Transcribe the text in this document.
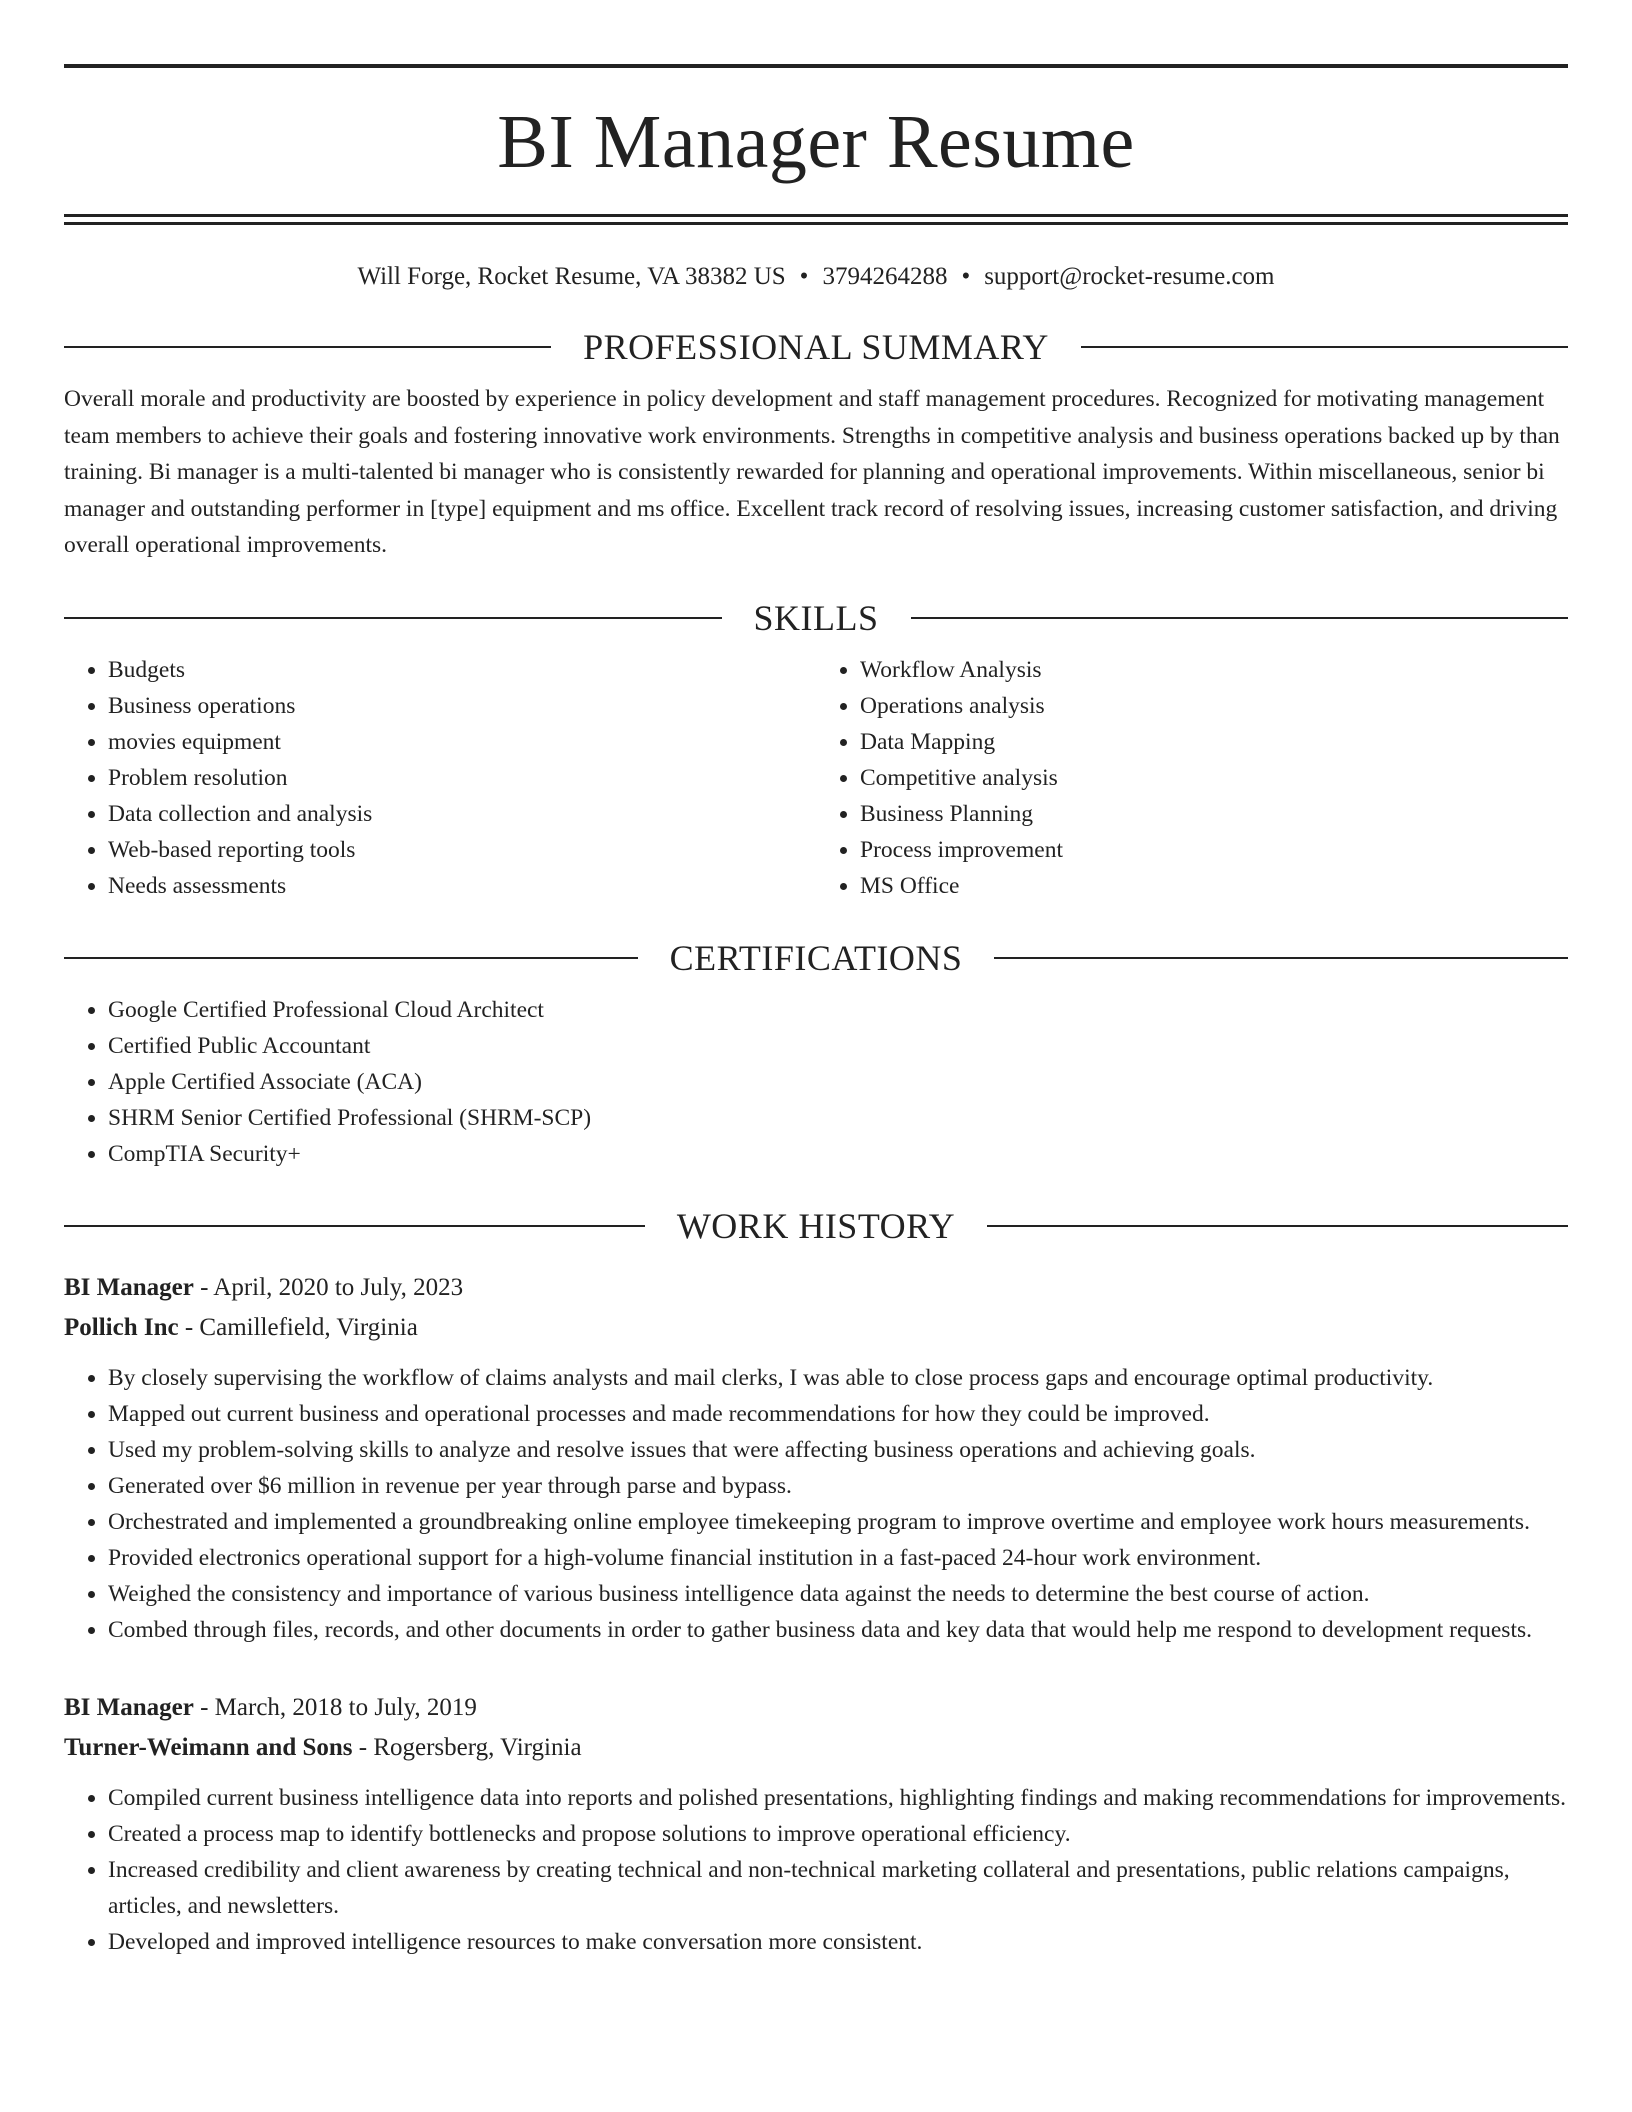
BI Manager Resume
Will Forge, Rocket Resume, VA 38382 US • 3794264288 • support@rocket-resume.com
PROFESSIONAL SUMMARY

Overall morale and productivity are boosted by experience in policy development and staff management procedures. Recognized for motivating management team members to achieve their goals and fostering innovative work environments. Strengths in competitive analysis and business operations backed up by than training. Bi manager is a multi-talented bi manager who is consistently rewarded for planning and operational improvements. Within miscellaneous, senior bi manager and outstanding performer in [type] equipment and ms office. Excellent track record of resolving issues, increasing customer satisfaction, and driving overall operational improvements.

SKILLS
• Budgets
• Business operations
• movies equipment
• Problem resolution
• Data collection and analysis
• Web-based reporting tools
• Needs assessments
• Workflow Analysis
• Operations analysis
• Data Mapping
• Competitive analysis
• Business Planning
• Process improvement
• MS Office
CERTIFICATIONS
• Google Certified Professional Cloud Architect
• Certified Public Accountant
• Apple Certified Associate (ACA)
• SHRM Senior Certified Professional (SHRM-SCP)
• CompTIA Security+
WORK HISTORY
BI Manager - April, 2020 to July, 2023
Pollich Inc - Camillefield, Virginia
• By closely supervising the workflow of claims analysts and mail clerks, I was able to close process gaps and encourage optimal productivity.
• Mapped out current business and operational processes and made recommendations for how they could be improved.
• Used my problem-solving skills to analyze and resolve issues that were affecting business operations and achieving goals.
• Generated over $6 million in revenue per year through parse and bypass.
• Orchestrated and implemented a groundbreaking online employee timekeeping program to improve overtime and employee work hours measurements.
• Provided electronics operational support for a high-volume financial institution in a fast-paced 24-hour work environment.
• Weighed the consistency and importance of various business intelligence data against the needs to determine the best course of action.
• Combed through files, records, and other documents in order to gather business data and key data that would help me respond to development requests.
BI Manager - March, 2018 to July, 2019
Turner-Weimann and Sons - Rogersberg, Virginia
• Compiled current business intelligence data into reports and polished presentations, highlighting findings and making recommendations for improvements.
• Created a process map to identify bottlenecks and propose solutions to improve operational efficiency.
• Increased credibility and client awareness by creating technical and non-technical marketing collateral and presentations, public relations campaigns, articles, and newsletters.
• Developed and improved intelligence resources to make conversation more consistent.
